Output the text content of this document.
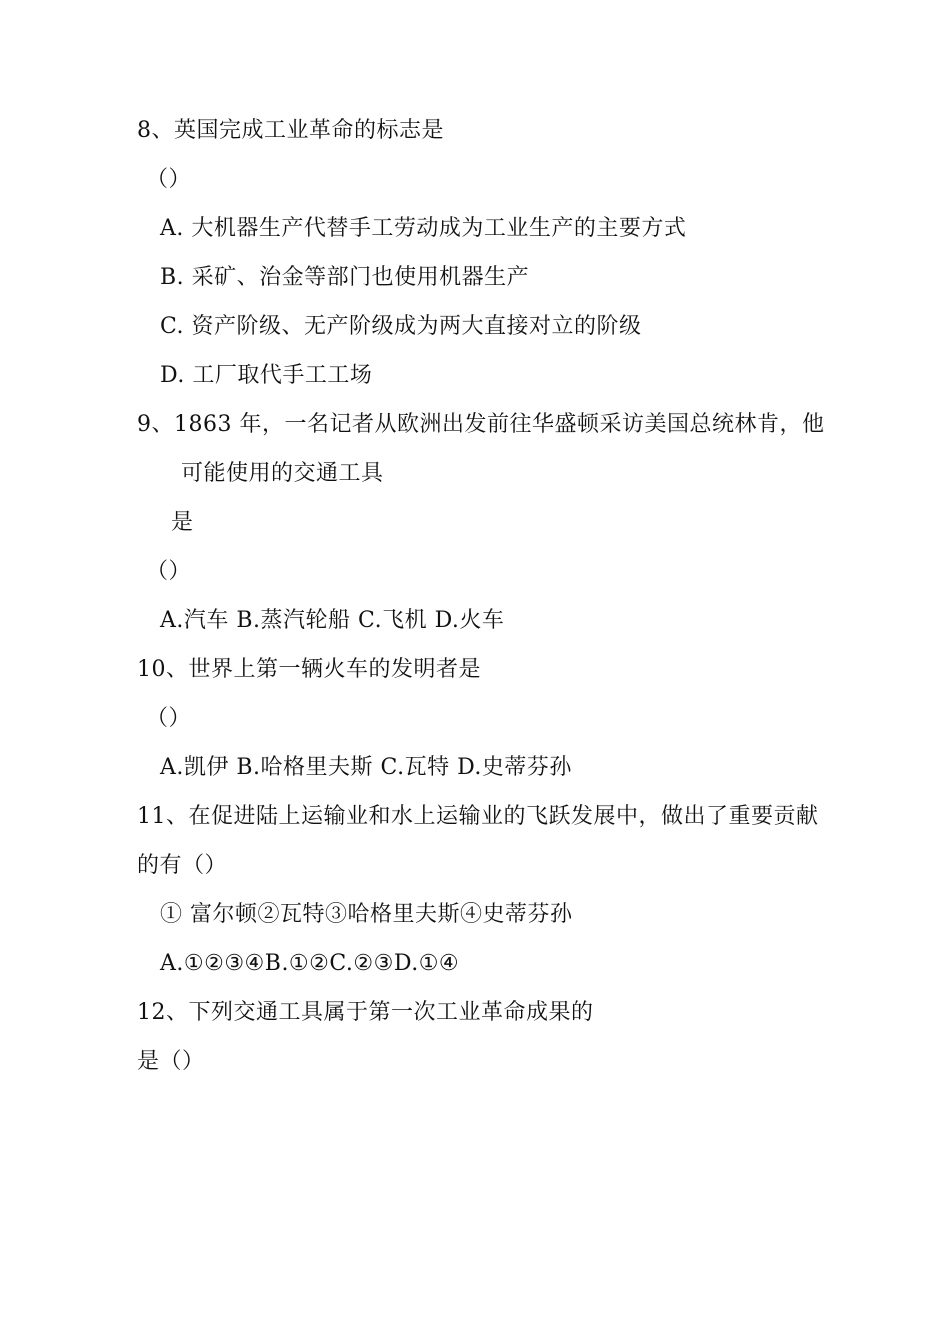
8、英国完成工业革命的标志是
（）
A. 大机器生产代替手工劳动成为工业生产的主要方式
B. 采矿、治金等部门也使用机器生产
C. 资产阶级、无产阶级成为两大直接对立的阶级
D. 工厂取代手工工场
9、1863 年，一名记者从欧洲出发前往华盛顿采访美国总统林肯，他
可能使用的交通工具
是
（）
A.汽车 B.蒸汽轮船 C.飞机 D.火车
10、世界上第一辆火车的发明者是
（）
A.凯伊 B.哈格里夫斯 C.瓦特 D.史蒂芬孙
11、在促进陆上运输业和水上运输业的飞跃发展中，做出了重要贡献
的有（）
① 富尔顿②瓦特③哈格里夫斯④史蒂芬孙
A.①②③④B.①②C.②③D.①④
12、下列交通工具属于第一次工业革命成果的
是（）
